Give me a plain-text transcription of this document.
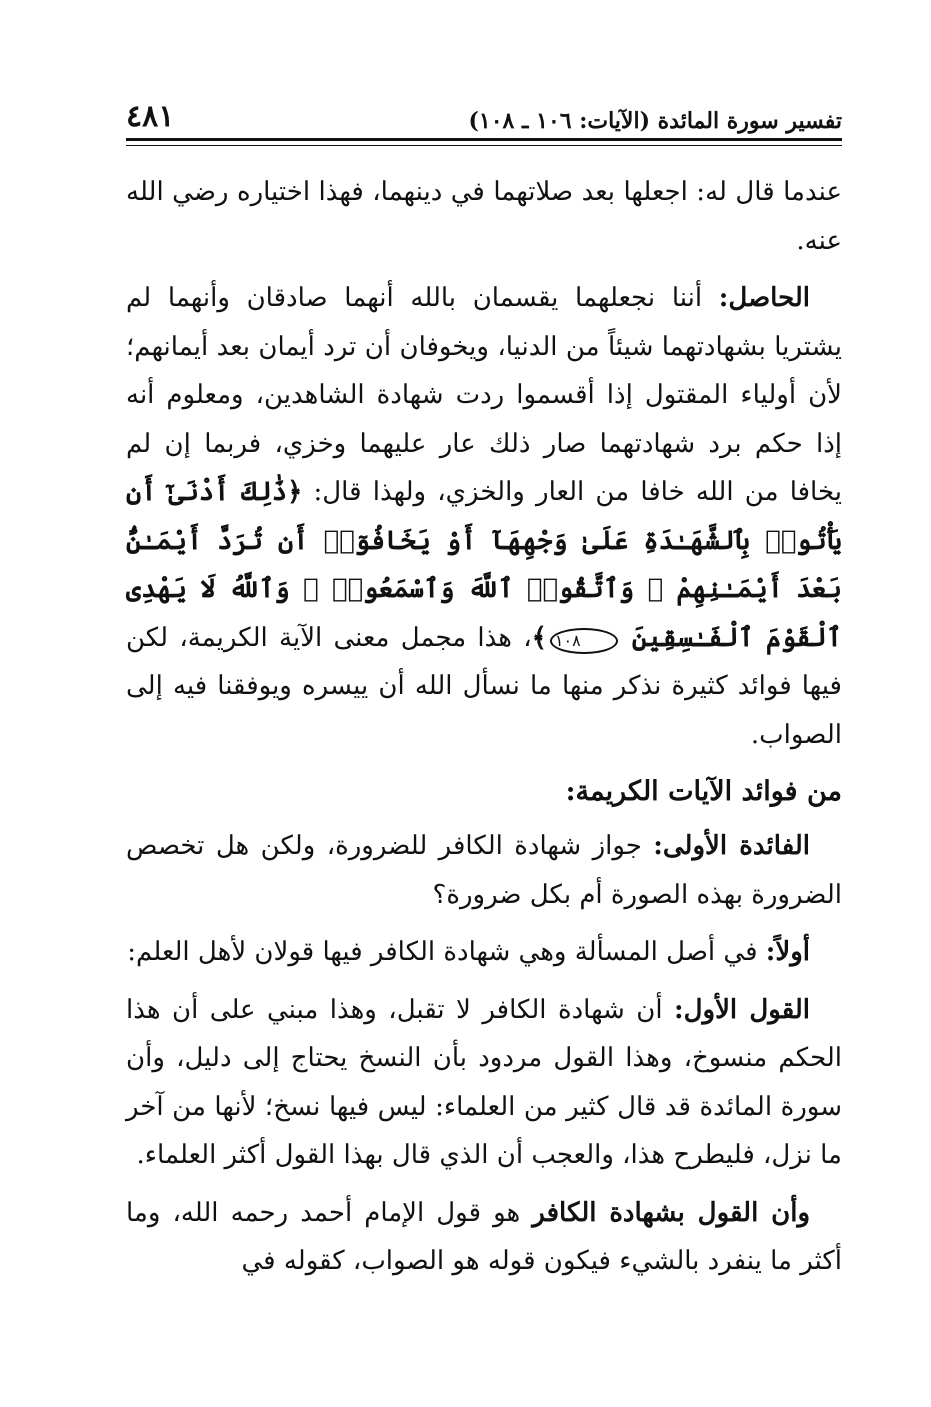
تفسير سورة المائدة (الآيات: ١٠٦ ـ ١٠٨)
٤٨١

عندما قال له: اجعلها بعد صلاتهما في دينهما، فهذا اختياره رضي الله عنه.

الحاصل: أننا نجعلهما يقسمان بالله أنهما صادقان وأنهما لم يشتريا بشهادتهما شيئاً من الدنيا، ويخوفان أن ترد أيمان بعد أيمانهم؛ لأن أولياء المقتول إذا أقسموا ردت شهادة الشاهدين، ومعلوم أنه إذا حكم برد شهادتهما صار ذلك عار عليهما وخزي، فربما إن لم يخافا من الله خافا من العار والخزي، ولهذا قال: ﴿ذَٰلِكَ أَدْنَىٰٓ أَن يَأْتُوا۟ بِٱلشَّهَـٰدَةِ عَلَىٰ وَجْهِهَآ أَوْ يَخَافُوٓا۟ أَن تُرَدَّ أَيْمَـٰنٌۢ بَعْدَ أَيْمَـٰنِهِمْ ۗ وَٱتَّقُوا۟ ٱللَّهَ وَٱسْمَعُوا۟ ۗ وَٱللَّهُ لَا يَهْدِى ٱلْقَوْمَ ٱلْفَـٰسِقِينَ ١٠٨﴾، هذا مجمل معنى الآية الكريمة، لكن فيها فوائد كثيرة نذكر منها ما نسأل الله أن ييسره ويوفقنا فيه إلى الصواب.

من فوائد الآيات الكريمة:

الفائدة الأولى: جواز شهادة الكافر للضرورة، ولكن هل تخصص الضرورة بهذه الصورة أم بكل ضرورة؟

أولاً: في أصل المسألة وهي شهادة الكافر فيها قولان لأهل العلم:

القول الأول: أن شهادة الكافر لا تقبل، وهذا مبني على أن هذا الحكم منسوخ، وهذا القول مردود بأن النسخ يحتاج إلى دليل، وأن سورة المائدة قد قال كثير من العلماء: ليس فيها نسخ؛ لأنها من آخر ما نزل، فليطرح هذا، والعجب أن الذي قال بهذا القول أكثر العلماء.

وأن القول بشهادة الكافر هو قول الإمام أحمد رحمه الله، وما أكثر ما ينفرد بالشيء فيكون قوله هو الصواب، كقوله في
